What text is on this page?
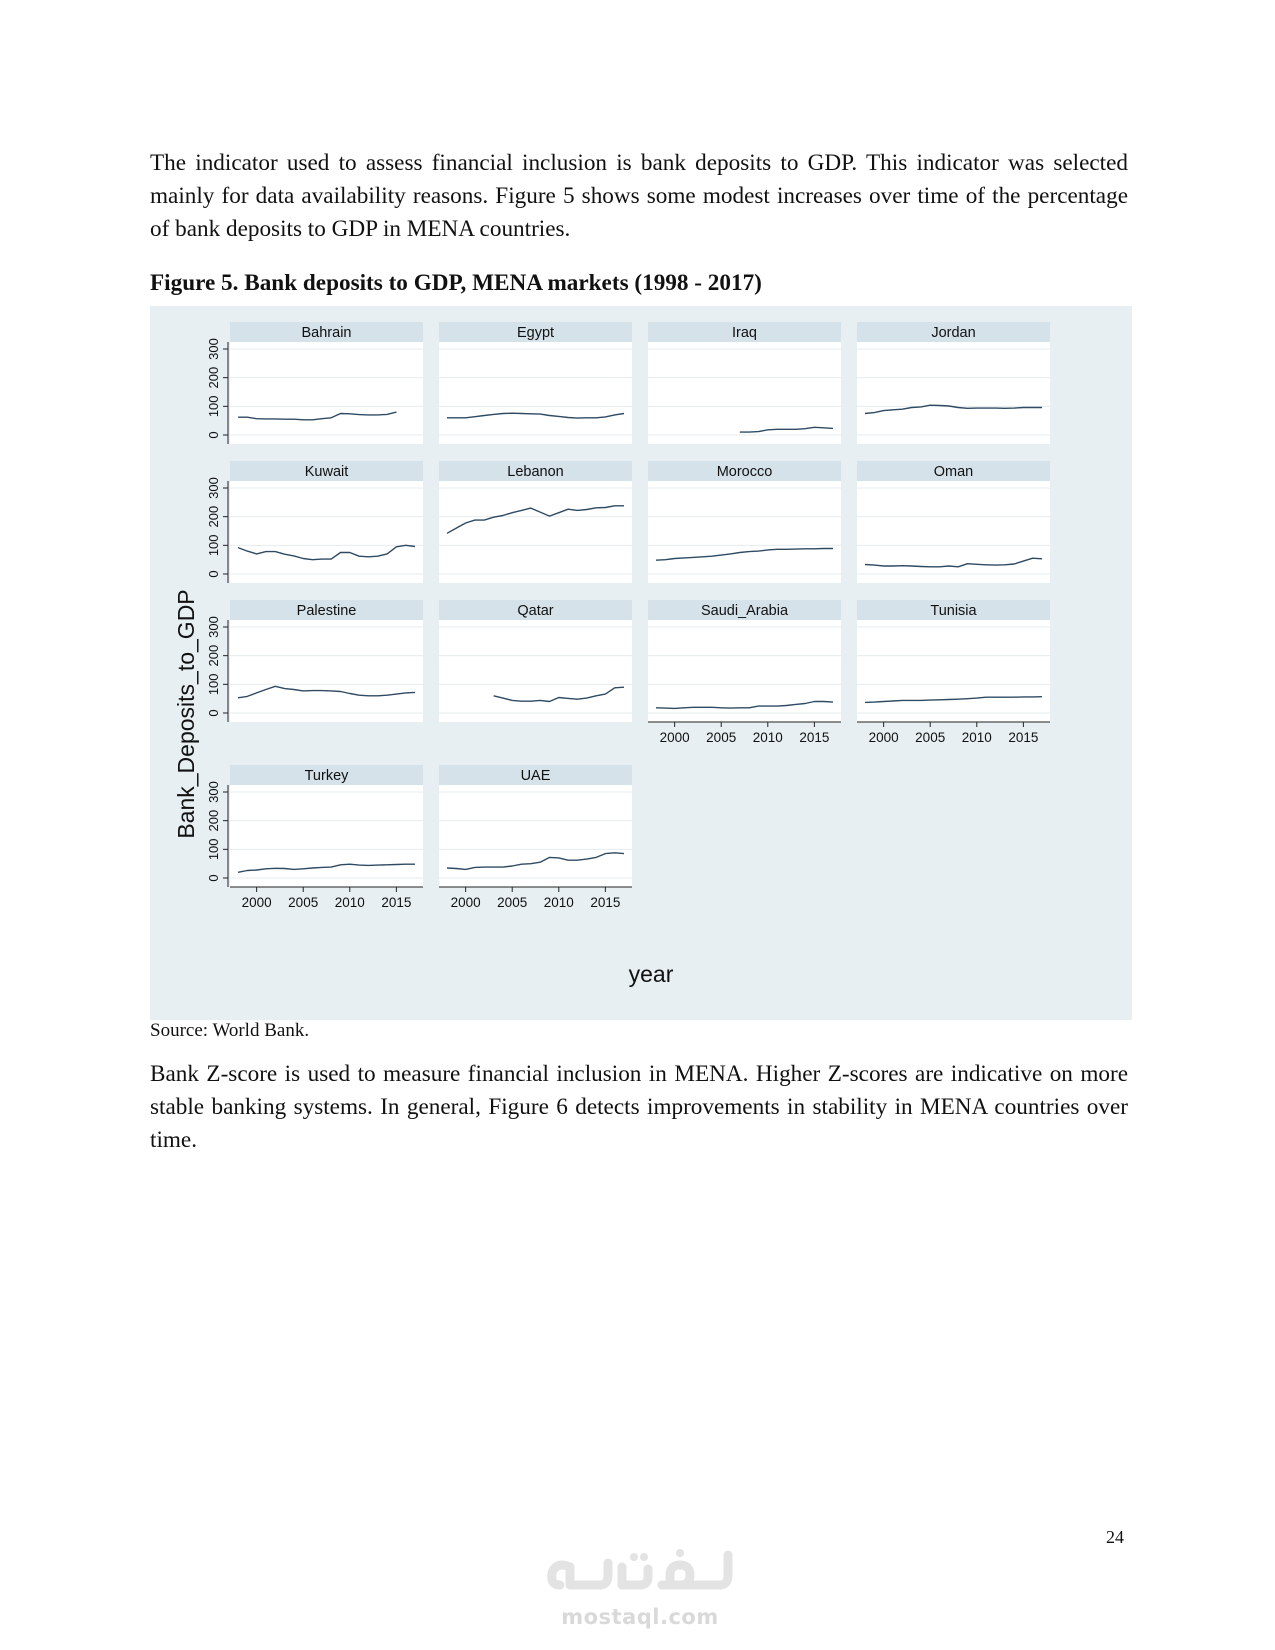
The indicator used to assess financial inclusion is bank deposits to GDP. This indicator was selected mainly for data availability reasons. Figure 5 shows some modest increases over time of the percentage of bank deposits to GDP in MENA countries.

Figure 5. Bank deposits to GDP, MENA markets (1998 - 2017)

Bahrain
0
100
200
300
Egypt	Iraq	Jordan
Kuwait
0
100
200
300
Lebanon	Morocco	Oman
Palestine
0
100
200
300
Qatar	Saudi_Arabia
2000 2005 2010 2015
Tunisia
2000 2005 2010 2015
Turkey
0
100
200
300
2000 2005 2010 2015
UAE
2000 2005 2010 2015
Bank_Deposits_to_GDP
year

Source: World Bank.

Bank Z-score is used to measure financial inclusion in MENA. Higher Z-scores are indicative on more stable banking systems. In general, Figure 6 detects improvements in stability in MENA countries over time.

24
mostaql.com
